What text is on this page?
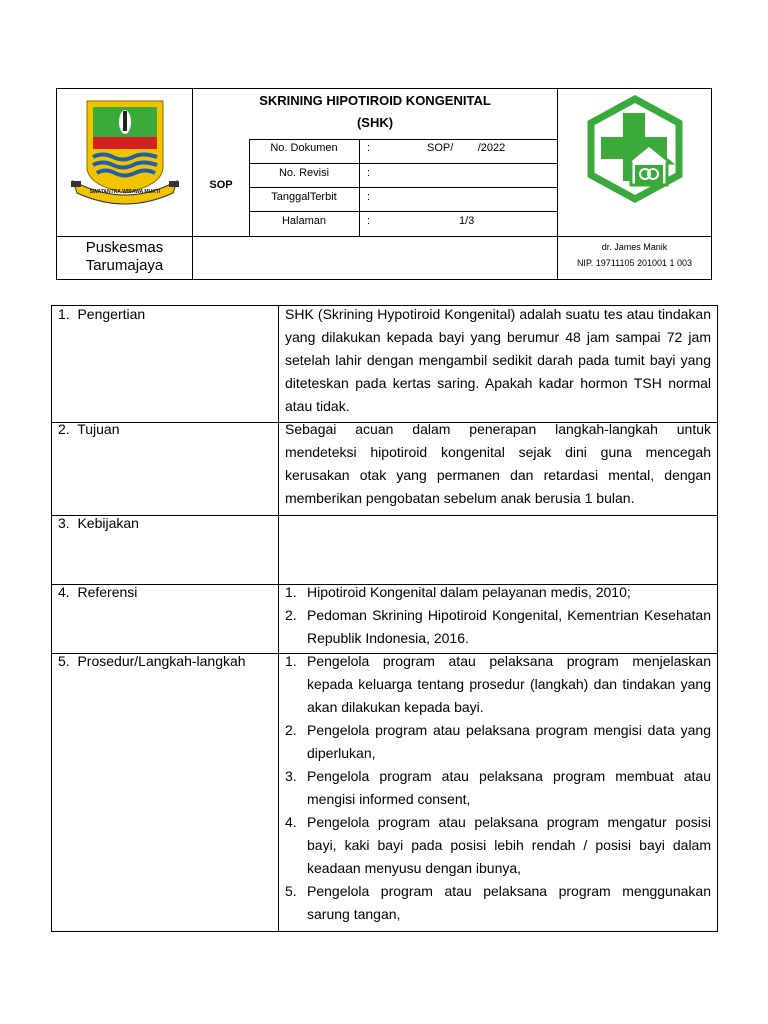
SWATANTRA WIBAWA MUKTI
SKRINING HIPOTIROID KONGENITAL
(SHK)
SOP
No. Dokumen	:	SOP/        /2022
No. Revisi	:
TanggalTerbit	:
Halaman	:	1/3
Puskesmas
Tarumajaya
dr. James Manik
NIP. 19711105 201001 1 003
1.  Pengertian	SHK (Skrining Hypotiroid Kongenital) adalah suatu tes atau tindakan yang dilakukan kepada bayi yang berumur 48 jam sampai 72 jam setelah lahir dengan mengambil sedikit darah pada tumit bayi yang diteteskan pada kertas saring. Apakah kadar hormon TSH normal atau tidak.
2.  Tujuan	Sebagai acuan dalam penerapan langkah-langkah untuk mendeteksi hipotiroid kongenital sejak dini guna mencegah kerusakan otak yang permanen dan retardasi mental, dengan memberikan pengobatan sebelum anak berusia 1 bulan.
3.  Kebijakan
4.  Referensi	1. Hipotiroid Kongenital dalam pelayanan medis, 2010;
2. Pedoman Skrining Hipotiroid Kongenital, Kementrian Kesehatan Republik Indonesia, 2016.
5.  Prosedur/Langkah-langkah	1. Pengelola program atau pelaksana program menjelaskan kepada keluarga tentang prosedur (langkah) dan tindakan yang akan dilakukan kepada bayi.
2. Pengelola program atau pelaksana program mengisi data yang diperlukan,
3. Pengelola program atau pelaksana program membuat atau mengisi informed consent,
4. Pengelola program atau pelaksana program mengatur posisi bayi, kaki bayi pada posisi lebih rendah / posisi bayi dalam keadaan menyusu dengan ibunya,
5. Pengelola program atau pelaksana program menggunakan sarung tangan,
